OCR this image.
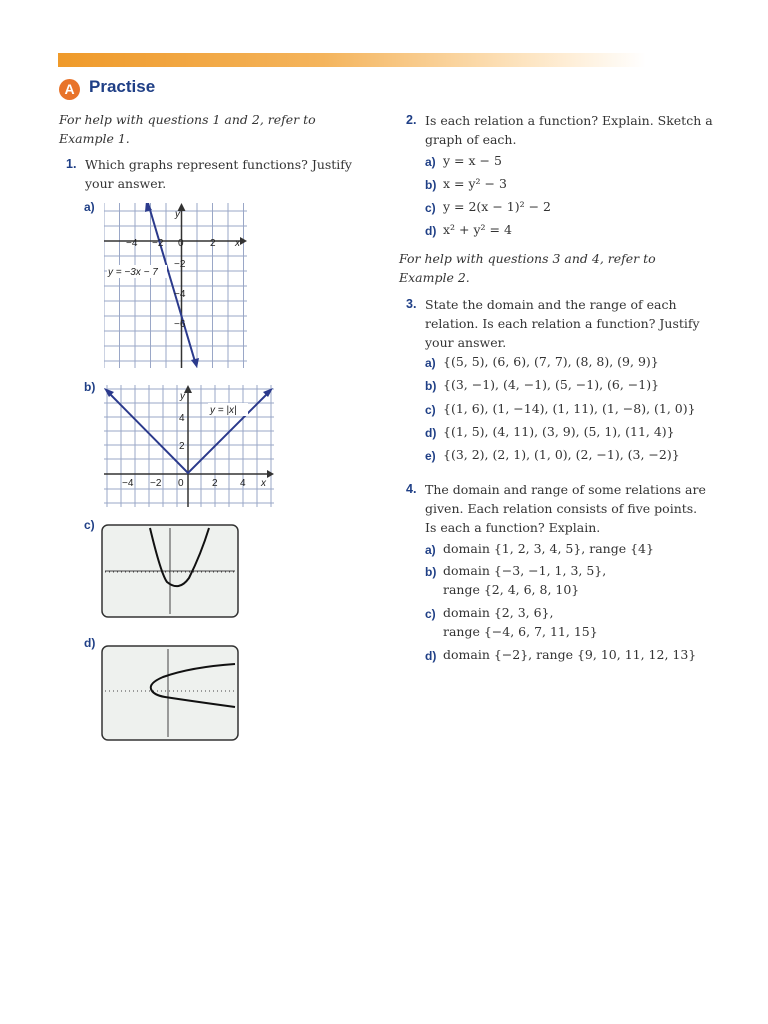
A Practise
For help with questions 1 and 2, refer to Example 1.
1. Which graphs represent functions? Justify your answer.
a)
−4 −2 0	2 x
y
−2
−4
−6
y = −3x − 7
b)
−4 −2 0	2 4 x
y
4
2
y = |x|
c)
d)
2. Is each relation a function? Explain. Sketch a graph of each.
a) y = x − 5
b) x = y² − 3
c) y = 2(x − 1)² − 2
d) x² + y² = 4
For help with questions 3 and 4, refer to Example 2.
3. State the domain and the range of each relation. Is each relation a function? Justify your answer.
a) {(5, 5), (6, 6), (7, 7), (8, 8), (9, 9)}
b) {(3, −1), (4, −1), (5, −1), (6, −1)}
c) {(1, 6), (1, −14), (1, 11), (1, −8), (1, 0)}
d) {(1, 5), (4, 11), (3, 9), (5, 1), (11, 4)}
e) {(3, 2), (2, 1), (1, 0), (2, −1), (3, −2)}
4. The domain and range of some relations are given. Each relation consists of five points. Is each a function? Explain.
a) domain {1, 2, 3, 4, 5}, range {4}
b) domain {−3, −1, 1, 3, 5},
range {2, 4, 6, 8, 10}
c) domain {2, 3, 6},
range {−4, 6, 7, 11, 15}
d) domain {−2}, range {9, 10, 11, 12, 13}
